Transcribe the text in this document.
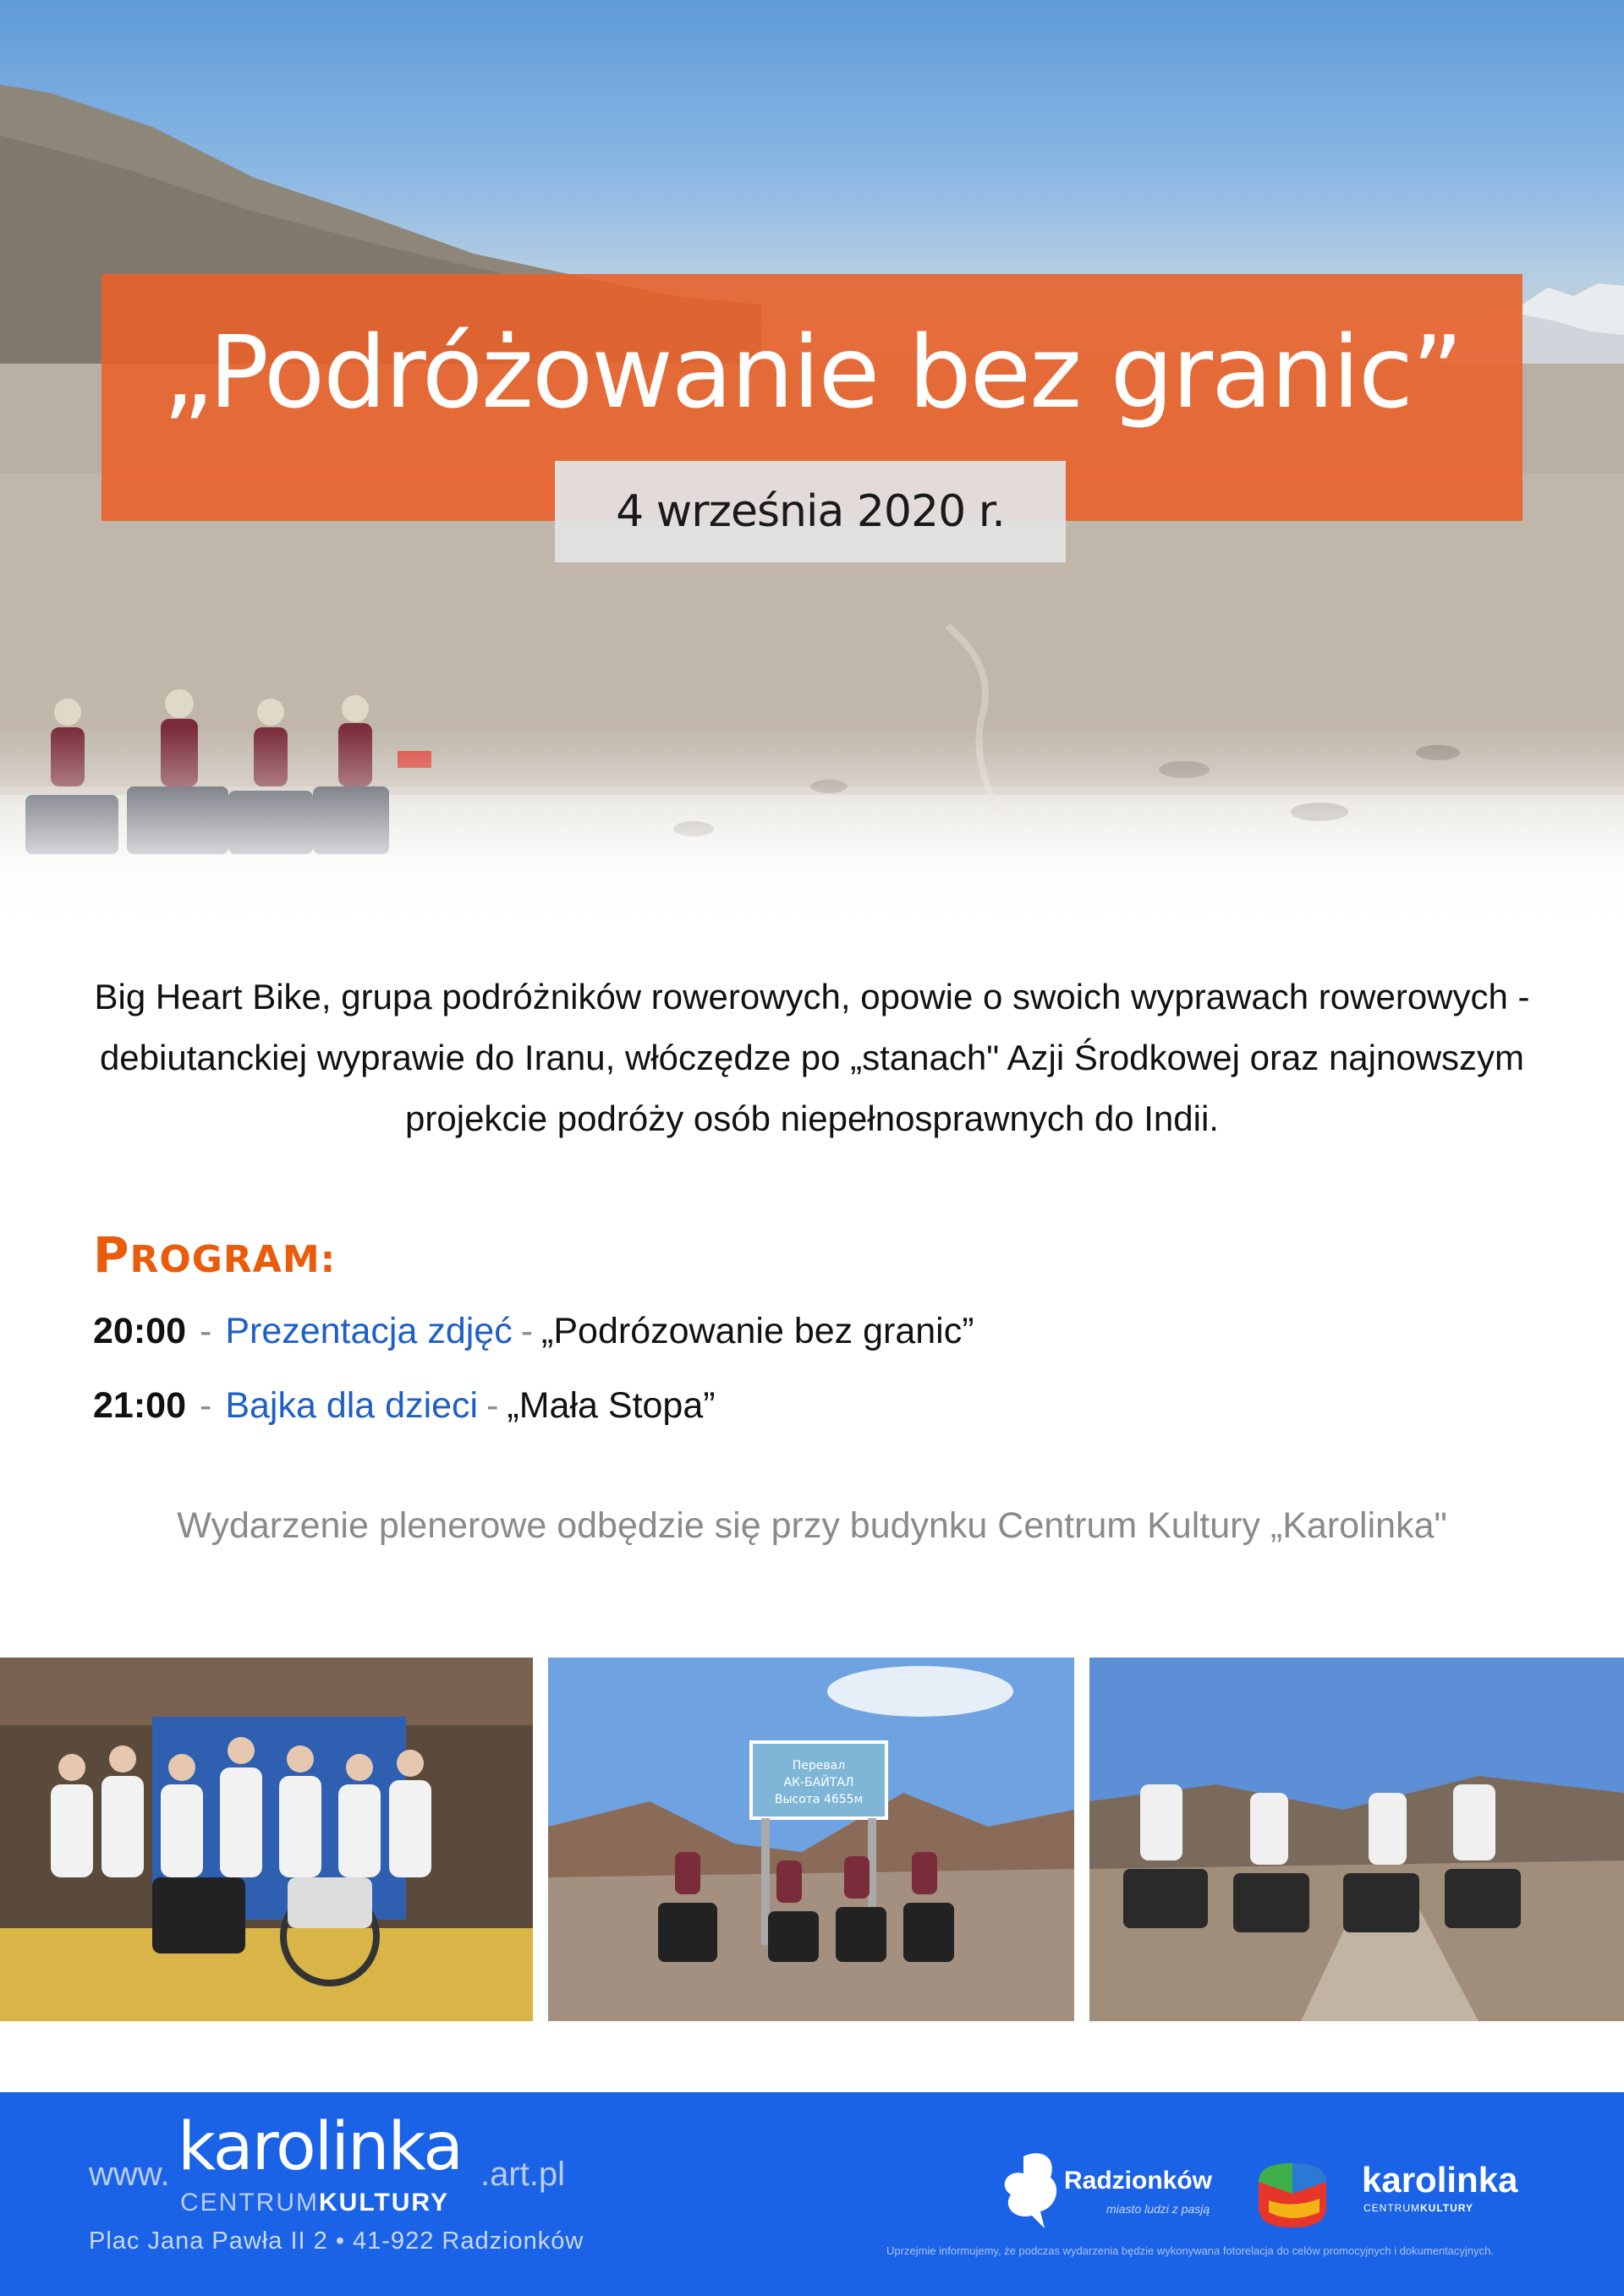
„Podróżowanie bez granic”
4 września 2020 r.
Big Heart Bike, grupa podróżników rowerowych, opowie o swoich wyprawach rowerowych - debiutanckiej wyprawie do Iranu, włóczędze po „stanach" Azji Środkowej oraz najnowszym projekcie podróży osób niepełnosprawnych do Indii.
PROGRAM:
20:00 - Prezentacja zdjęć - „Podrózowanie bez granic”
21:00 - Bajka dla dzieci - „Mała Stopa”
Wydarzenie plenerowe odbędzie się przy budynku Centrum Kultury „Karolinka"
Перевал
АК-БАЙТАЛ
Высота 4655м
www. karolinka .art.pl
CENTRUMKULTURY
Plac Jana Pawła II 2 • 41-922 Radzionków
Radzionków
miasto ludzi z pasją
karolinka
CENTRUMKULTURY
Uprzejmie informujemy, że podczas wydarzenia będzie wykonywana fotorelacja do celów promocyjnych i dokumentacyjnych.
